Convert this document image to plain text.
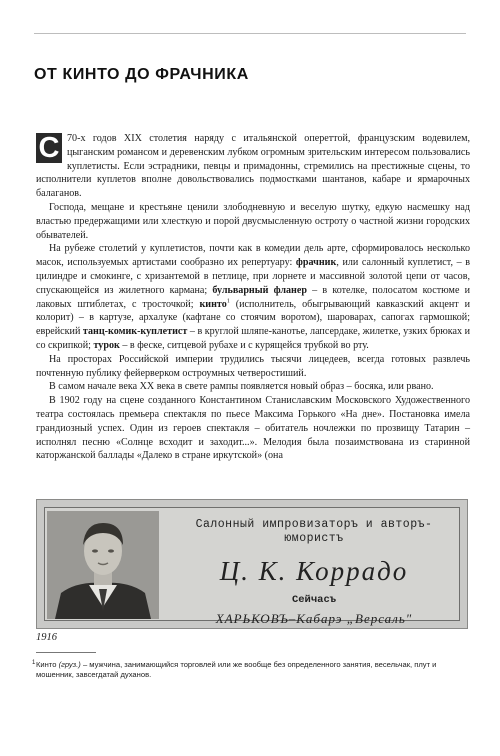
ОТ КИНТО ДО ФРАЧНИКА

С 70-х годов XIX столетия наряду с итальянской опереттой, французским водевилем, цыганским романсом и деревенским лубком огромным зрительским интересом пользовались куплетисты. Если эстрадники, певцы и примадонны, стремились на престижные сцены, то исполнители куплетов вполне довольствовались подмостками шантанов, кабаре и ярмарочных балаганов.

Господа, мещане и крестьяне ценили злободневную и веселую шутку, едкую насмешку над властью предержащими или хлесткую и порой двусмысленную остроту о частной жизни городских обывателей.

На рубеже столетий у куплетистов, почти как в комедии дель арте, сформировалось несколько масок, используемых артистами сообразно их репертуару: фрачник, или салонный куплетист, – в цилиндре и смокинге, с хризантемой в петлице, при лорнете и массивной золотой цепи от часов, спускающейся из жилетного кармана; бульварный фланер – в котелке, полосатом костюме и лаковых штиблетах, с тросточкой; кинто$^1$ (исполнитель, обыгрывающий кавказский акцент и колорит) – в картузе, архалуке (кафтане со стоячим воротом), шароварах, сапогах гармошкой; еврейский танц-комик-куплетист – в круглой шляпе-канотье, лапсердаке, жилетке, узких брюках и со скрипкой; турок – в феске, ситцевой рубахе и с курящейся трубкой во рту.

На просторах Российской империи трудились тысячи лицедеев, всегда готовых развлечь почтенную публику фейерверком остроумных четверостиший.

В самом начале века XX века в свете рампы появляется новый образ – босяка, или рвано.

В 1902 году на сцене созданного Константином Станиславским Московского Художественного театра состоялась премьера спектакля по пьесе Максима Горького «На дне». Постановка имела грандиозный успех. Один из героев спектакля – обитатель ночлежки по прозвищу Татарин – исполнял песню «Солнце всходит и заходит...». Мелодия была позаимствована из старинной каторжанской баллады «Далеко в стране иркутской» (она

Салонный импровизаторъ и авторъ-
юмористъ
Ц. К. Коррадо
Сейчасъ
ХАРЬКОВЪ–Кабарэ „Версаль"
1916
1 Кинто (груз.) – мужчина, занимающийся торговлей или же вообще без определенного занятия, весельчак, плут и мошенник, завсегдатай духанов.
